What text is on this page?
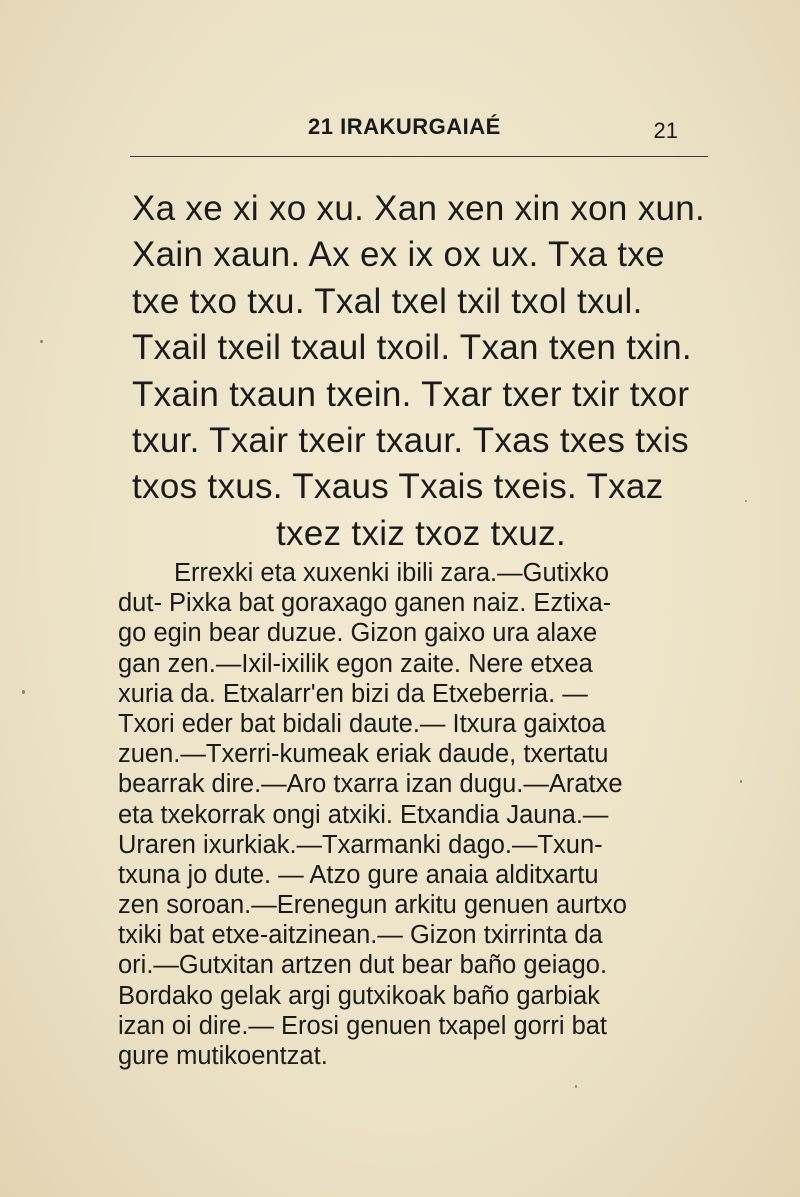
21 IRAKURGAIAÉ	21
Xa xe xi xo xu. Xan xen xin xon xun.
Xain xaun. Ax ex ix ox ux. Txa txe
txe txo txu. Txal txel txil txol txul.
Txail txeil txaul txoil. Txan txen txin.
Txain txaun txein. Txar txer txir txor
txur. Txair txeir txaur. Txas txes txis
txos txus. Txaus Txais txeis. Txaz
txez txiz txoz txuz.
Errexki eta xuxenki ibili zara.—Gutixko
dut- Pixka bat goraxago ganen naiz. Eztixa-
go egin bear duzue. Gizon gaixo ura alaxe
gan zen.—Ixil-ixilik egon zaite. Nere etxea
xuria da. Etxalarr'en bizi da Etxeberria. —
Txori eder bat bidali daute.— Itxura gaixtoa
zuen.—Txerri-kumeak eriak daude, txertatu
bearrak dire.—Aro txarra izan dugu.—Aratxe
eta txekorrak ongi atxiki. Etxandia Jauna.—
Uraren ixurkiak.—Txarmanki dago.—Txun-
txuna jo dute. — Atzo gure anaia alditxartu
zen soroan.—Erenegun arkitu genuen aurtxo
txiki bat etxe-aitzinean.— Gizon txirrinta da
ori.—Gutxitan artzen dut bear baño geiago.
Bordako gelak argi gutxikoak baño garbiak
izan oi dire.— Erosi genuen txapel gorri bat
gure mutikoentzat.
